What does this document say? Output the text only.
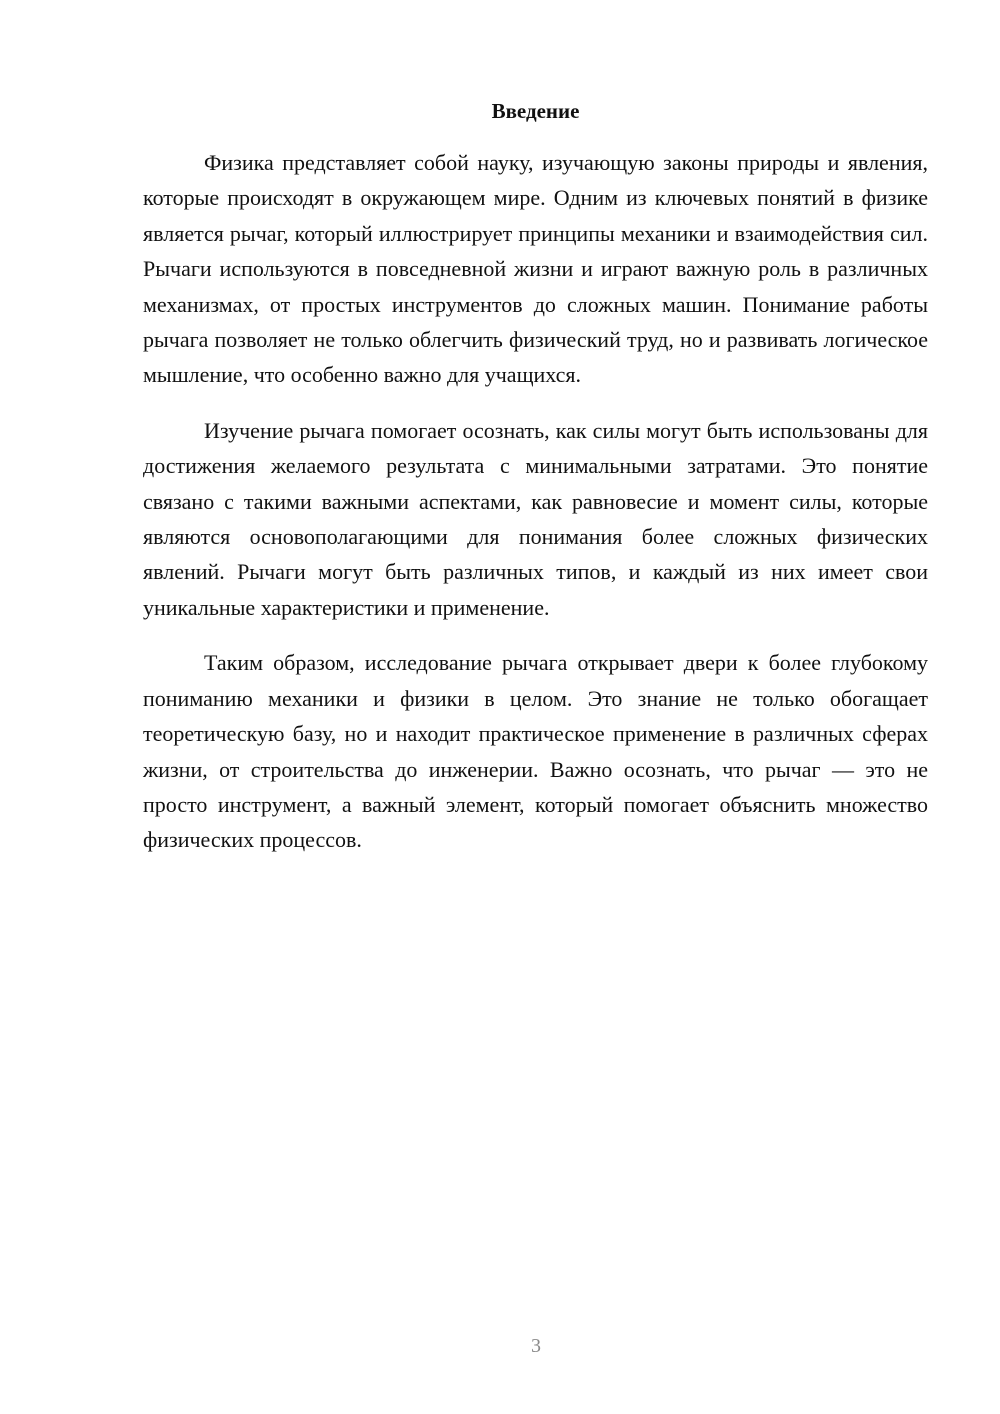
Введение

Физика представляет собой науку, изучающую законы природы и явления, которые происходят в окружающем мире. Одним из ключевых понятий в физике является рычаг, который иллюстрирует принципы механики и взаимодействия сил. Рычаги используются в повседневной жизни и играют важную роль в различных механизмах, от простых инструментов до сложных машин. Понимание работы рычага позволяет не только облегчить физический труд, но и развивать логическое мышление, что особенно важно для учащихся.

Изучение рычага помогает осознать, как силы могут быть использованы для достижения желаемого результата с минимальными затратами. Это понятие связано с такими важными аспектами, как равновесие и момент силы, которые являются основополагающими для понимания более сложных физических явлений. Рычаги могут быть различных типов, и каждый из них имеет свои уникальные характеристики и применение.

Таким образом, исследование рычага открывает двери к более глубокому пониманию механики и физики в целом. Это знание не только обогащает теоретическую базу, но и находит практическое применение в различных сферах жизни, от строительства до инженерии. Важно осознать, что рычаг — это не просто инструмент, а важный элемент, который помогает объяснить множество физических процессов.

3
